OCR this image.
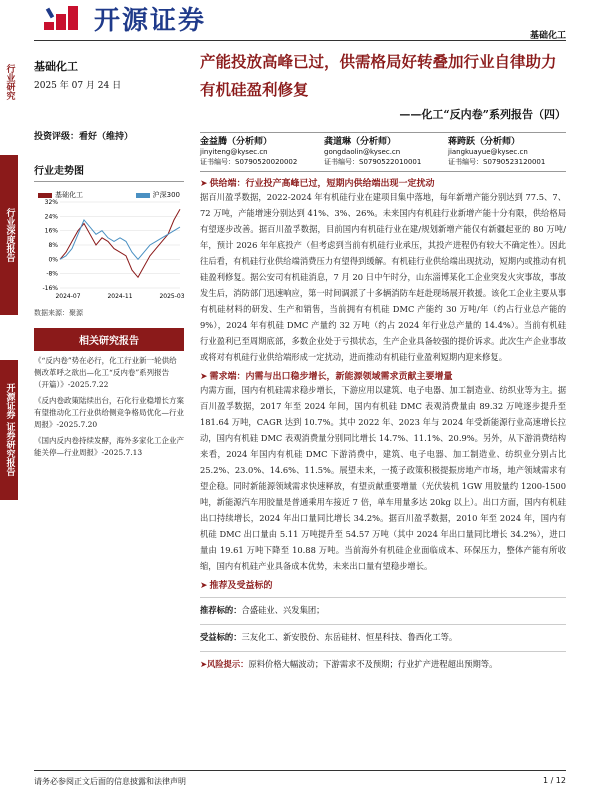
开源证券
基础化工
行业研究
行业深度报告
开源证券 证券研究报告
基础化工
2025 年 07 月 24 日
投资评级：看好（维持）
行业走势图
基础化工	沪深300
-16%
-8%
0%
8%
16%
24%
32%
2024-07	2024-11	2025-03
数据来源：聚源
相关研究报告
《“反内卷”势在必行，化工行业新一轮供给侧改革呼之欲出—化工“反内卷”系列报告（开篇）》-2025.7.22
《反内卷政策陆续出台，石化行业稳增长方案有望推动化工行业供给侧竞争格局优化—行业周报》-2025.7.20
《国内反内卷持续发酵，海外多家化工企业产能关停—行业周报》-2025.7.13
产能投放高峰已过，供需格局好转叠加行业自律助力有机硅盈利修复
——化工“反内卷”系列报告（四）
金益腾（分析师）
jinyiteng@kysec.cn
证书编号：S0790520020002
龚道琳（分析师）
gongdaolin@kysec.cn
证书编号：S0790522010001
蒋跨跃（分析师）
jiangkuayue@kysec.cn
证书编号：S0790523120001
➤ 供给端：行业投产高峰已过，短期内供给端出现一定扰动
据百川盈孚数据，2022-2024 年有机硅行业在建项目集中落地，每年新增产能分别达到 77.5、7、72 万吨，产能增速分别达到 41%、3%、26%。未来国内有机硅行业新增产能十分有限，供给格局有望逐步改善。据百川盈孚数据，目前国内有机硅行业在建/规划新增产能仅有新疆起亚的 80 万吨/年，预计 2026 年年底投产（但考虑到当前有机硅行业承压，其投产进程仍有较大不确定性）。因此往后看，有机硅行业供给端消费压力有望得到缓解。有机硅行业供给端出现扰动，短期内或推动有机硅盈利修复。据公安司有机硅消息，7 月 20 日中午时分，山东淄博某化工企业突发火灾事故，事故发生后，消防部门迅速响应，第一时间调派了十多辆消防车赶赴现场展开救援。该化工企业主要从事有机硅材料的研发、生产和销售，当前拥有有机硅 DMC 产能约 30 万吨/年（约占行业总产能的 9%），2024 年有机硅 DMC 产量约 32 万吨（约占 2024 年行业总产量的 14.4%）。当前有机硅行业盈利已至周期底部，多数企业处于亏损状态，生产企业具备较强的提价诉求。此次生产企业事故或将对有机硅行业供给端形成一定扰动，进而推动有机硅行业盈利短期内迎来修复。
➤ 需求端：内需与出口稳步增长，新能源领域需求贡献主要增量
内需方面，国内有机硅需求稳步增长，下游应用以建筑、电子电器、加工制造业、纺织业等为主。据百川盈孚数据，2017 年至 2024 年间，国内有机硅 DMC 表观消费量由 89.32 万吨逐步提升至 181.64 万吨，CAGR 达到 10.7%。其中 2022 年、2023 年与 2024 年受新能源行业高速增长拉动，国内有机硅 DMC 表观消费量分别同比增长 14.7%、11.1%、20.9%。另外，从下游消费结构来看，2024 年国内有机硅 DMC 下游消费中，建筑、电子电器、加工制造业、纺织业分别占比 25.2%、23.0%、14.6%、11.5%。展望未来，一揽子政策积极提振房地产市场，地产领域需求有望企稳。同时新能源领域需求快速释放，有望贡献重要增量（光伏装机 1GW 用胶量约 1200-1500 吨，新能源汽车用胶量是普通乘用车接近 7 倍，单车用量多达 20kg 以上）。出口方面，国内有机硅出口持续增长，2024 年出口量同比增长 34.2%。据百川盈孚数据，2010 年至 2024 年，国内有机硅 DMC 出口量由 5.11 万吨提升至 54.57 万吨（其中 2024 年出口量同比增长 34.2%），进口量由 19.61 万吨下降至 10.88 万吨。当前海外有机硅企业面临成本、环保压力，整体产能有所收缩，国内有机硅产业具备成本优势，未来出口量有望稳步增长。
➤ 推荐及受益标的
推荐标的：合盛硅业、兴发集团；
受益标的：三友化工、新安股份、东岳硅材、恒星科技、鲁西化工等。
➤风险提示：原料价格大幅波动；下游需求不及预期；行业扩产进程超出预期等。
请务必参阅正文后面的信息披露和法律声明	1 / 12
